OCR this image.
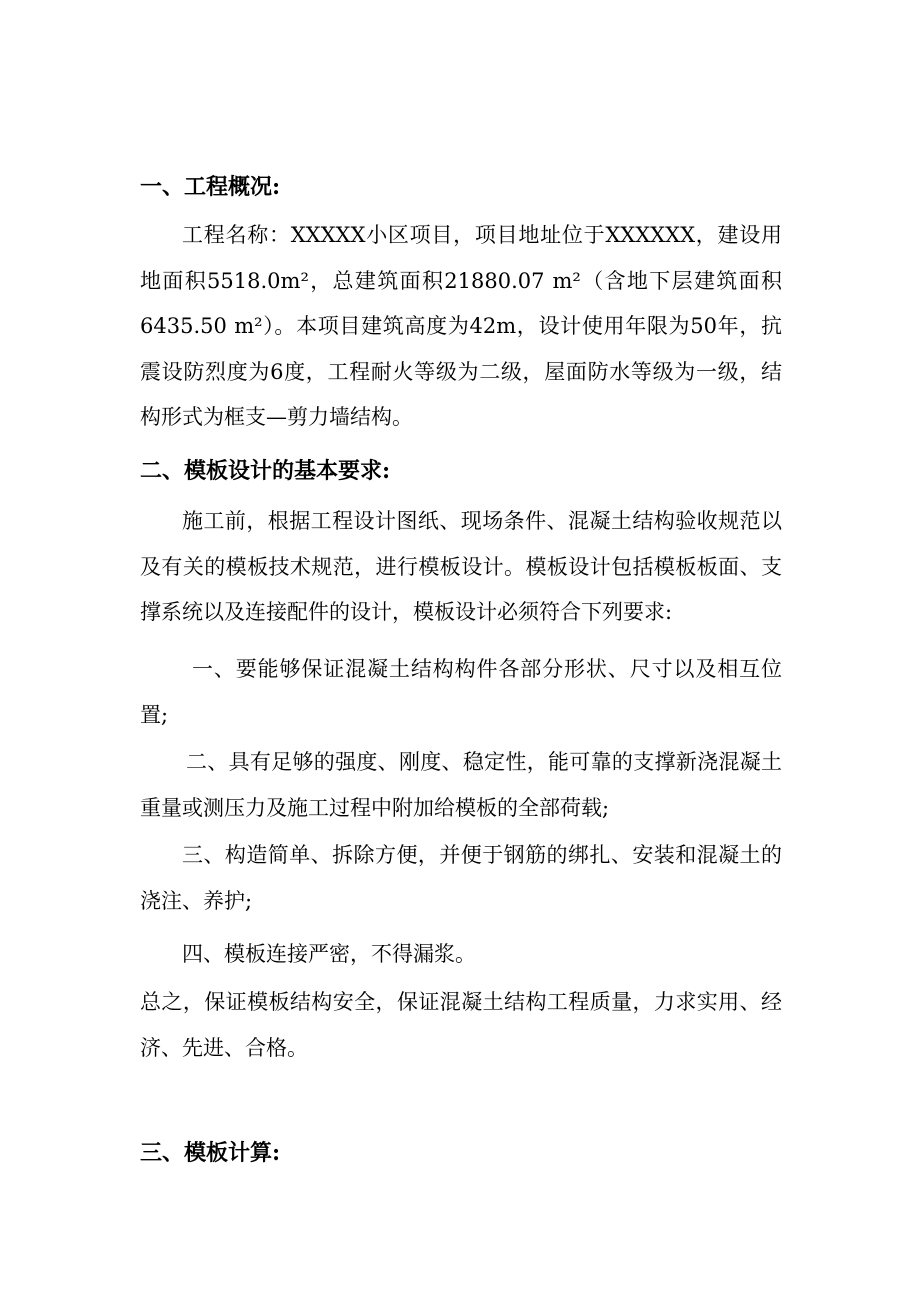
一、工程概况:
工程名称：XXXXX小区项目，项目地址位于XXXXXX，建设用地面积5518.0m²，总建筑面积21880.07 m²（含地下层建筑面积6435.50 m²）。本项目建筑高度为42m，设计使用年限为50年，抗震设防烈度为6度，工程耐火等级为二级，屋面防水等级为一级，结构形式为框支—剪力墙结构。
二、模板设计的基本要求:
施工前，根据工程设计图纸、现场条件、混凝土结构验收规范以及有关的模板技术规范，进行模板设计。模板设计包括模板板面、支撑系统以及连接配件的设计，模板设计必须符合下列要求:
一、要能够保证混凝土结构构件各部分形状、尺寸以及相互位置;
二、具有足够的强度、刚度、稳定性，能可靠的支撑新浇混凝土重量或测压力及施工过程中附加给模板的全部荷载;
三、构造简单、拆除方便，并便于钢筋的绑扎、安装和混凝土的浇注、养护;
四、模板连接严密，不得漏浆。
总之，保证模板结构安全，保证混凝土结构工程质量，力求实用、经济、先进、合格。
三、模板计算:
